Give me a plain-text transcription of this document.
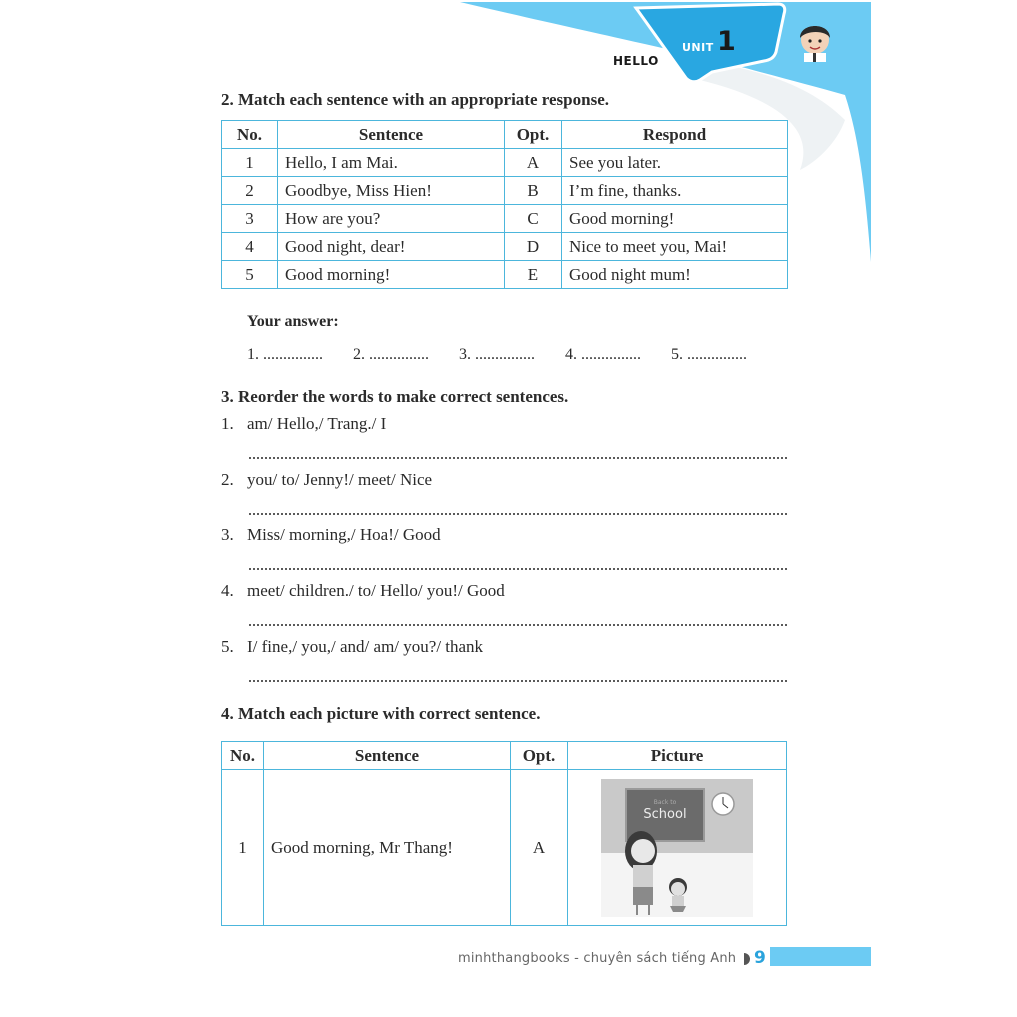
UNIT 1
HELLO
2. Match each sentence with an appropriate response.
No.	Sentence	Opt.	Respond
1	Hello, I am Mai.	A	See you later.
2	Goodbye, Miss Hien!	B	I’m fine, thanks.
3	How are you?	C	Good morning!
4	Good night, dear!	D	Nice to meet you, Mai!
5	Good morning!	E	Good night mum!
Your answer:
1. ...............	2. ...............	3. ...............	4. ...............	5. ...............
3. Reorder the words to make correct sentences.
1. am/ Hello,/ Trang./ I
2. you/ to/ Jenny!/ meet/ Nice
3. Miss/ morning,/ Hoa!/ Good
4. meet/ children./ to/ Hello/ you!/ Good
5. I/ fine,/ you,/ and/ am/ you?/ thank
4. Match each picture with correct sentence.
No.	Sentence	Opt.	Picture
1	Good morning, Mr Thang!	A	Back to
School
minhthangbooks - chuyên sách tiếng Anh 9
